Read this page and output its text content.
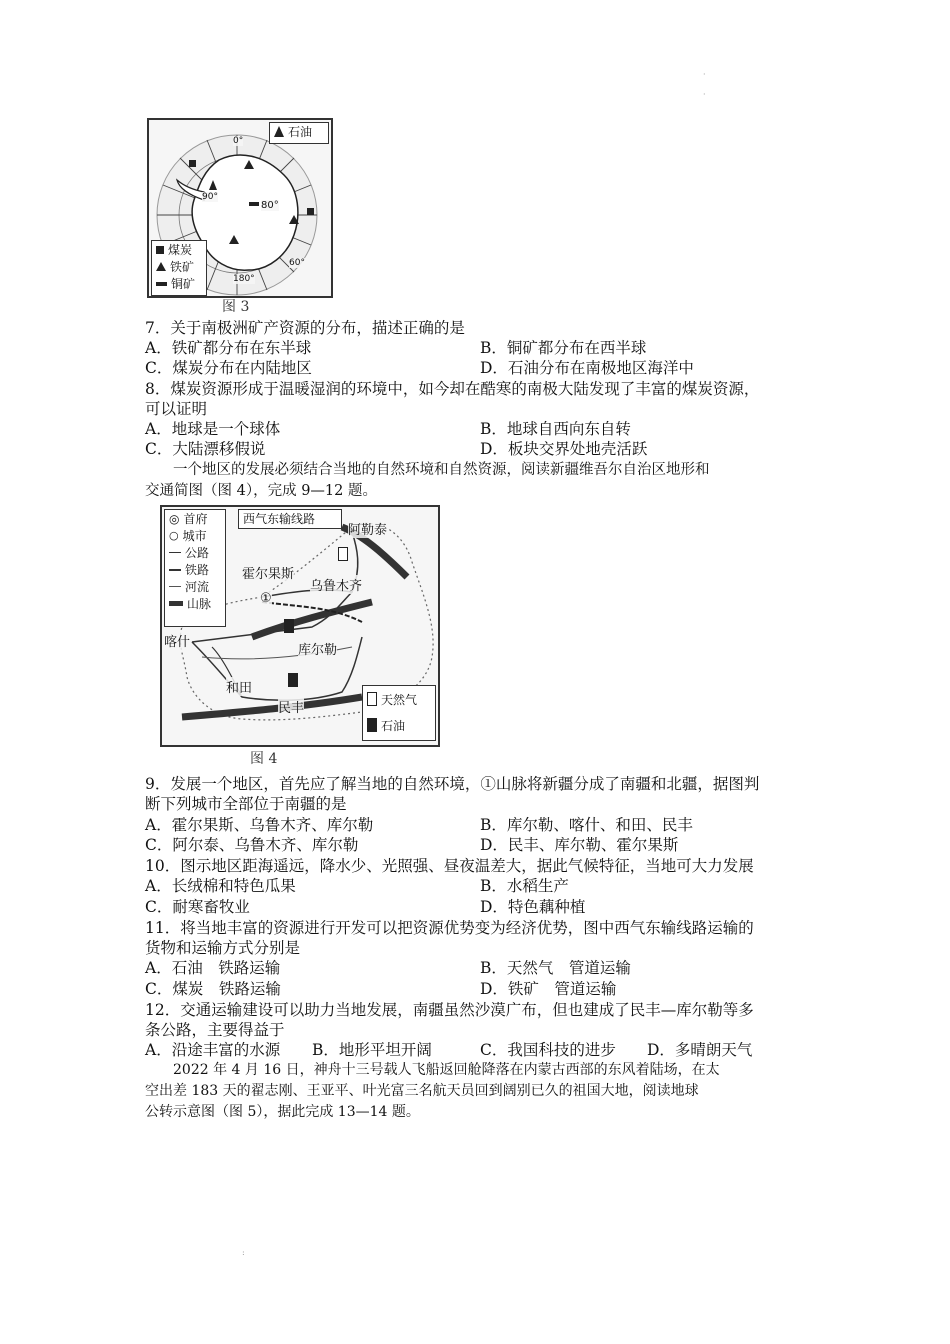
80°
0°
90°
180°
60°
石油
煤炭
铁矿
铜矿
图 3
7．关于南极洲矿产资源的分布，描述正确的是
A．铁矿都分布在东半球	B．铜矿都分布在西半球
C．煤炭分布在内陆地区	D．石油分布在南极地区海洋中
8．煤炭资源形成于温暖湿润的环境中，如今却在酷寒的南极大陆发现了丰富的煤炭资源，
可以证明
A．地球是一个球体	B．地球自西向东自转
C．大陆漂移假说	D．板块交界处地壳活跃
一个地区的发展必须结合当地的自然环境和自然资源，阅读新疆维吾尔自治区地形和
交通简图（图 4），完成 9—12 题。
◎ 首府
○ 城市
公路
铁路
河流
山脉
西气东输线路
天然气
石油
阿勒泰
霍尔果斯
乌鲁木齐
喀什
库尔勒
和田
民丰
①
图 4
9．发展一个地区，首先应了解当地的自然环境，①山脉将新疆分成了南疆和北疆，据图判
断下列城市全部位于南疆的是
A．霍尔果斯、乌鲁木齐、库尔勒	B．库尔勒、喀什、和田、民丰
C．阿尔泰、乌鲁木齐、库尔勒	D．民丰、库尔勒、霍尔果斯
10．图示地区距海遥远，降水少、光照强、昼夜温差大，据此气候特征，当地可大力发展
A．长绒棉和特色瓜果	B．水稻生产
C．耐寒畜牧业	D．特色藕种植
11．将当地丰富的资源进行开发可以把资源优势变为经济优势，图中西气东输线路运输的
货物和运输方式分别是
A．石油　铁路运输	B．天然气　管道运输
C．煤炭　铁路运输	D．铁矿　管道运输
12．交通运输建设可以助力当地发展，南疆虽然沙漠广布，但也建成了民丰—库尔勒等多
条公路，主要得益于
A．沿途丰富的水源 B．地形平坦开阔	C．我国科技的进步 D．多晴朗天气
2022 年 4 月 16 日，神舟十三号载人飞船返回舱降落在内蒙古西部的东风着陆场，在太
空出差 183 天的翟志刚、王亚平、叶光富三名航天员回到阔别已久的祖国大地，阅读地球
公转示意图（图 5），据此完成 13—14 题。
·
·
:
